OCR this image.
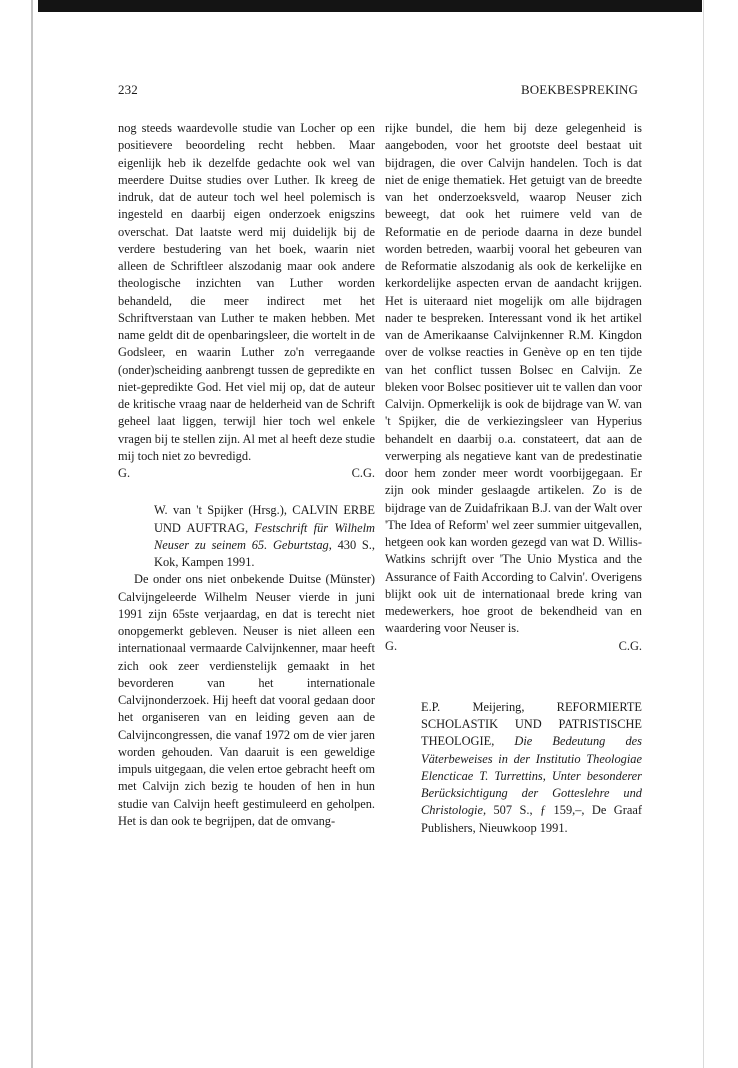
232	BOEKBESPREKING

nog steeds waardevolle studie van Locher op een positievere beoordeling recht hebben. Maar eigenlijk heb ik dezelfde gedachte ook wel van meerdere Duitse studies over Luther. Ik kreeg de indruk, dat de auteur toch wel heel polemisch is ingesteld en daarbij eigen onderzoek enigszins overschat. Dat laatste werd mij duidelijk bij de verdere bestudering van het boek, waarin niet alleen de Schriftleer alszodanig maar ook andere theologische inzichten van Luther worden behandeld, die meer indirect met het Schriftverstaan van Luther te maken hebben. Met name geldt dit de openbaringsleer, die wortelt in de Godsleer, en waarin Luther zo'n verregaande (onder)scheiding aanbrengt tussen de gepredikte en niet-gepredikte God. Het viel mij op, dat de auteur de kritische vraag naar de helderheid van de Schrift geheel laat liggen, terwijl hier toch wel enkele vragen bij te stellen zijn. Al met al heeft deze studie mij toch niet zo bevredigd.

G.	C.G.
W. van 't Spijker (Hrsg.), CALVIN ERBE UND AUFTRAG, Festschrift für Wilhelm Neuser zu seinem 65. Geburtstag, 430 S., Kok, Kampen 1991.

De onder ons niet onbekende Duitse (Münster) Calvijngeleerde Wilhelm Neuser vierde in juni 1991 zijn 65ste verjaardag, en dat is terecht niet onopgemerkt gebleven. Neuser is niet alleen een internationaal vermaarde Calvijnkenner, maar heeft zich ook zeer verdienstelijk gemaakt in het bevorderen van het internationale Calvijnonderzoek. Hij heeft dat vooral gedaan door het organiseren van en leiding geven aan de Calvijncongressen, die vanaf 1972 om de vier jaren worden gehouden. Van daaruit is een geweldige impuls uitgegaan, die velen ertoe gebracht heeft om met Calvijn zich bezig te houden of hen in hun studie van Calvijn heeft gestimuleerd en geholpen. Het is dan ook te begrijpen, dat de omvang-

rijke bundel, die hem bij deze gelegenheid is aangeboden, voor het grootste deel bestaat uit bijdragen, die over Calvijn handelen. Toch is dat niet de enige thematiek. Het getuigt van de breedte van het onderzoeksveld, waarop Neuser zich beweegt, dat ook het ruimere veld van de Reformatie en de periode daarna in deze bundel worden betreden, waarbij vooral het gebeuren van de Reformatie alszodanig als ook de kerkelijke en kerkordelijke aspecten ervan de aandacht krijgen. Het is uiteraard niet mogelijk om alle bijdragen nader te bespreken. Interessant vond ik het artikel van de Amerikaanse Calvijnkenner R.M. Kingdon over de volkse reacties in Genève op en ten tijde van het conflict tussen Bolsec en Calvijn. Ze bleken voor Bolsec positiever uit te vallen dan voor Calvijn. Opmerkelijk is ook de bijdrage van W. van 't Spijker, die de verkiezingsleer van Hyperius behandelt en daarbij o.a. constateert, dat aan de verwerping als negatieve kant van de predestinatie door hem zonder meer wordt voorbijgegaan. Er zijn ook minder geslaagde artikelen. Zo is de bijdrage van de Zuidafrikaan B.J. van der Walt over 'The Idea of Reform' wel zeer summier uitgevallen, hetgeen ook kan worden gezegd van wat D. Willis-Watkins schrijft over 'The Unio Mystica and the Assurance of Faith According to Calvin'. Overigens blijkt ook uit de internationaal brede kring van medewerkers, hoe groot de bekendheid van en waardering voor Neuser is.

G.	C.G.
E.P. Meijering, REFORMIERTE SCHOLASTIK UND PATRISTISCHE THEOLOGIE, Die Bedeutung des Väterbeweises in der Institutio Theologiae Elencticae T. Turrettins, Unter besonderer Berücksichtigung der Gotteslehre und Christologie, 507 S., ƒ 159,–, De Graaf Publishers, Nieuwkoop 1991.
